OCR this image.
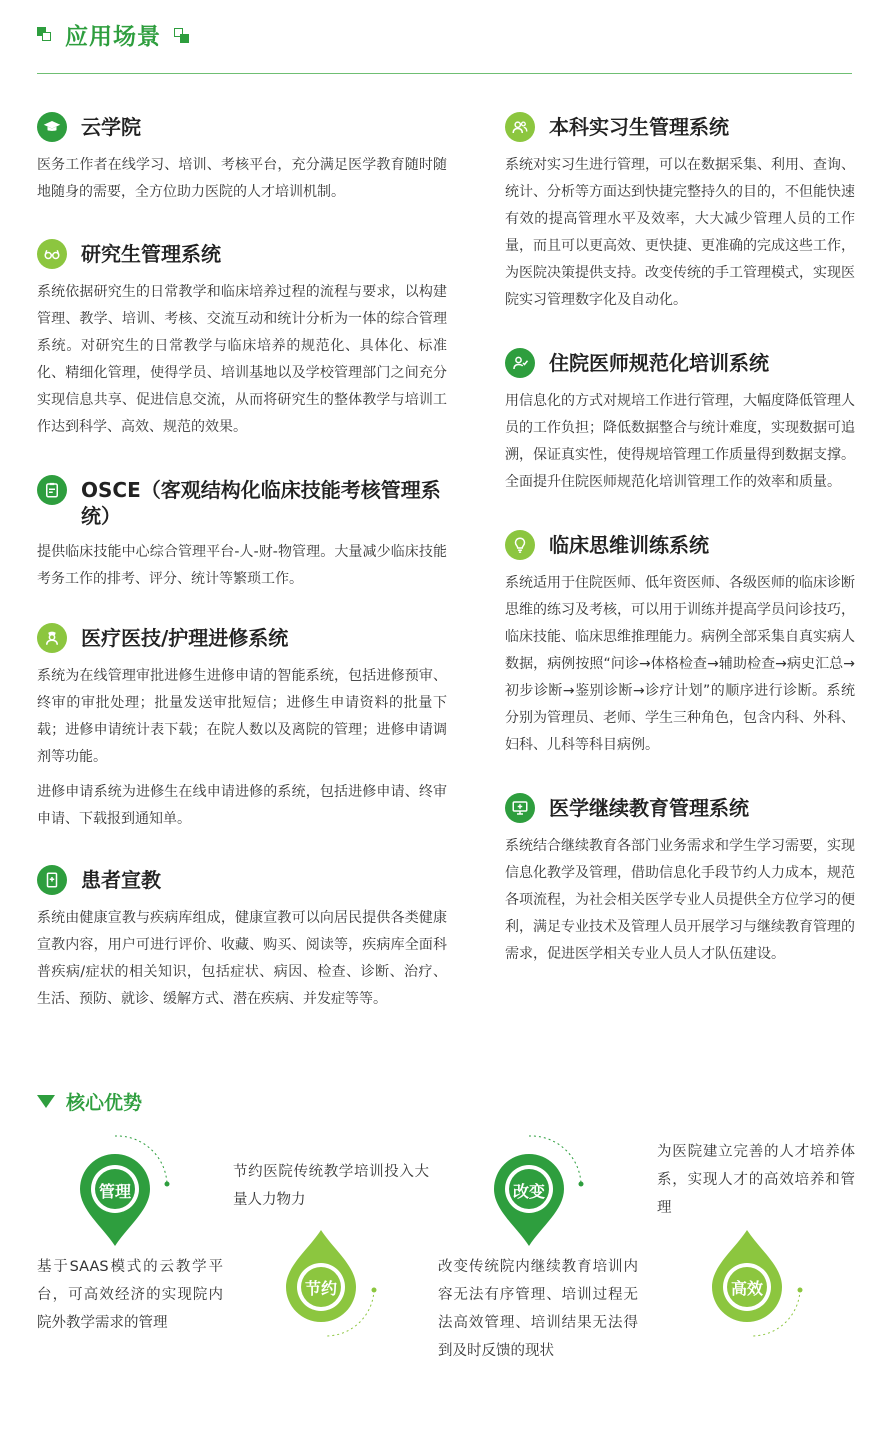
应用场景
云学院

医务工作者在线学习、培训、考核平台，充分满足医学教育随时随地随身的需要，全方位助力医院的人才培训机制。

研究生管理系统

系统依据研究生的日常教学和临床培养过程的流程与要求，以构建管理、教学、培训、考核、交流互动和统计分析为一体的综合管理系统。对研究生的日常教学与临床培养的规范化、具体化、标准化、精细化管理，使得学员、培训基地以及学校管理部门之间充分实现信息共享、促进信息交流，从而将研究生的整体教学与培训工作达到科学、高效、规范的效果。

OSCE（客观结构化临床技能考核管理系统）

提供临床技能中心综合管理平台-人-财-物管理。大量减少临床技能考务工作的排考、评分、统计等繁琐工作。

医疗医技/护理进修系统

系统为在线管理审批进修生进修申请的智能系统，包括进修预审、终审的审批处理；批量发送审批短信；进修生申请资料的批量下载；进修申请统计表下载；在院人数以及离院的管理；进修申请调剂等功能。

进修申请系统为进修生在线申请进修的系统，包括进修申请、终审申请、下载报到通知单。

患者宣教

系统由健康宣教与疾病库组成，健康宣教可以向居民提供各类健康宣教内容，用户可进行评价、收藏、购买、阅读等，疾病库全面科普疾病/症状的相关知识，包括症状、病因、检查、诊断、治疗、生活、预防、就诊、缓解方式、潜在疾病、并发症等等。

本科实习生管理系统

系统对实习生进行管理，可以在数据采集、利用、查询、统计、分析等方面达到快捷完整持久的目的，不但能快速有效的提高管理水平及效率，大大减少管理人员的工作量，而且可以更高效、更快捷、更准确的完成这些工作，为医院决策提供支持。改变传统的手工管理模式，实现医院实习管理数字化及自动化。

住院医师规范化培训系统

用信息化的方式对规培工作进行管理，大幅度降低管理人员的工作负担；降低数据整合与统计难度，实现数据可追溯，保证真实性，使得规培管理工作质量得到数据支撑。全面提升住院医师规范化培训管理工作的效率和质量。

临床思维训练系统

系统适用于住院医师、低年资医师、各级医师的临床诊断思维的练习及考核，可以用于训练并提高学员问诊技巧，临床技能、临床思维推理能力。病例全部采集自真实病人数据，病例按照“问诊→体格检查→辅助检查→病史汇总→初步诊断→鉴别诊断→诊疗计划”的顺序进行诊断。系统分别为管理员、老师、学生三种角色，包含内科、外科、妇科、儿科等科目病例。

医学继续教育管理系统

系统结合继续教育各部门业务需求和学生学习需要，实现信息化教学及管理，借助信息化手段节约人力成本，规范各项流程，为社会相关医学专业人员提供全方位学习的便利，满足专业技术及管理人员开展学习与继续教育管理的需求，促进医学相关专业人员人才队伍建设。

核心优势
管理
节约
改变
高效

基于SAAS模式的云教学平台，可高效经济的实现院内院外教学需求的管理

节约医院传统教学培训投入大量人力物力

改变传统院内继续教育培训内容无法有序管理、培训过程无法高效管理、培训结果无法得到及时反馈的现状

为医院建立完善的人才培养体系，实现人才的高效培养和管理
